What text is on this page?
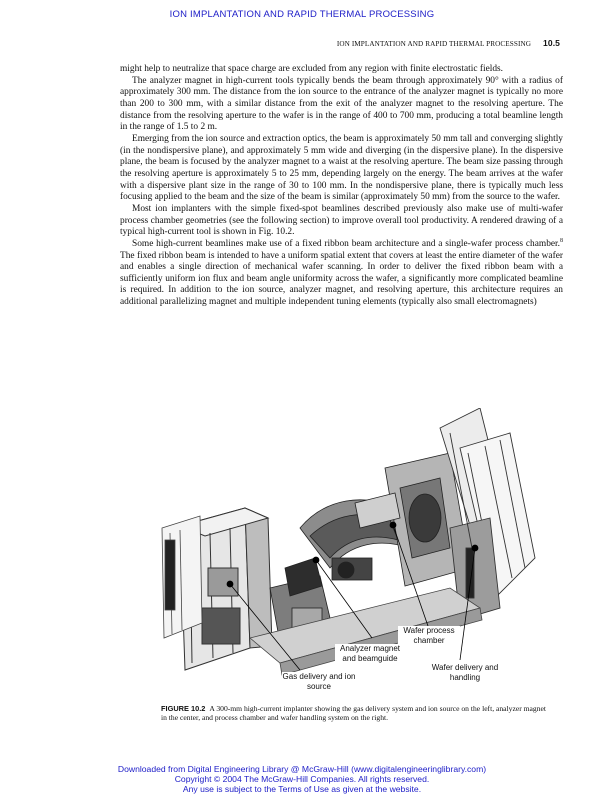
ION IMPLANTATION AND RAPID THERMAL PROCESSING
ION IMPLANTATION AND RAPID THERMAL PROCESSING 10.5

might help to neutralize that space charge are excluded from any region with finite electrostatic fields.

The analyzer magnet in high-current tools typically bends the beam through approximately 90° with a radius of approximately 300 mm. The distance from the ion source to the entrance of the analyzer magnet is typically no more than 200 to 300 mm, with a similar distance from the exit of the analyzer magnet to the resolving aperture. The distance from the resolving aperture to the wafer is in the range of 400 to 700 mm, producing a total beamline length in the range of 1.5 to 2 m.

Emerging from the ion source and extraction optics, the beam is approximately 50 mm tall and converging slightly (in the nondispersive plane), and approximately 5 mm wide and diverging (in the dispersive plane). In the dispersive plane, the beam is focused by the analyzer magnet to a waist at the resolving aperture. The beam size passing through the resolving aperture is approximately 5 to 25 mm, depending largely on the energy. The beam arrives at the wafer with a dispersive plant size in the range of 30 to 100 mm. In the nondispersive plane, there is typically much less focusing applied to the beam and the size of the beam is similar (approximately 50 mm) from the source to the wafer.

Most ion implanters with the simple fixed-spot beamlines described previously also make use of multi-wafer process chamber geometries (see the following section) to improve overall tool productivity. A rendered drawing of a typical high-current tool is shown in Fig. 10.2.

Some high-current beamlines make use of a fixed ribbon beam architecture and a single-wafer process chamber.$^8$ The fixed ribbon beam is intended to have a uniform spatial extent that covers at least the entire diameter of the wafer and enables a single direction of mechanical wafer scanning. In order to deliver the fixed ribbon beam with a sufficiently uniform ion flux and beam angle uniformity across the wafer, a significantly more complicated beamline is required. In addition to the ion source, analyzer magnet, and resolving aperture, this architecture requires an additional parallelizing magnet and multiple independent tuning elements (typically also small electromagnets)

Wafer process chamber
Analyzer magnet and beamguide
Wafer delivery and handling
Gas delivery and ion source
FIGURE 10.2 A 300-mm high-current implanter showing the gas delivery system and ion source on the left, analyzer magnet in the center, and process chamber and wafer handling system on the right.
Downloaded from Digital Engineering Library @ McGraw-Hill (www.digitalengineeringlibrary.com)
Copyright © 2004 The McGraw-Hill Companies. All rights reserved.
Any use is subject to the Terms of Use as given at the website.
